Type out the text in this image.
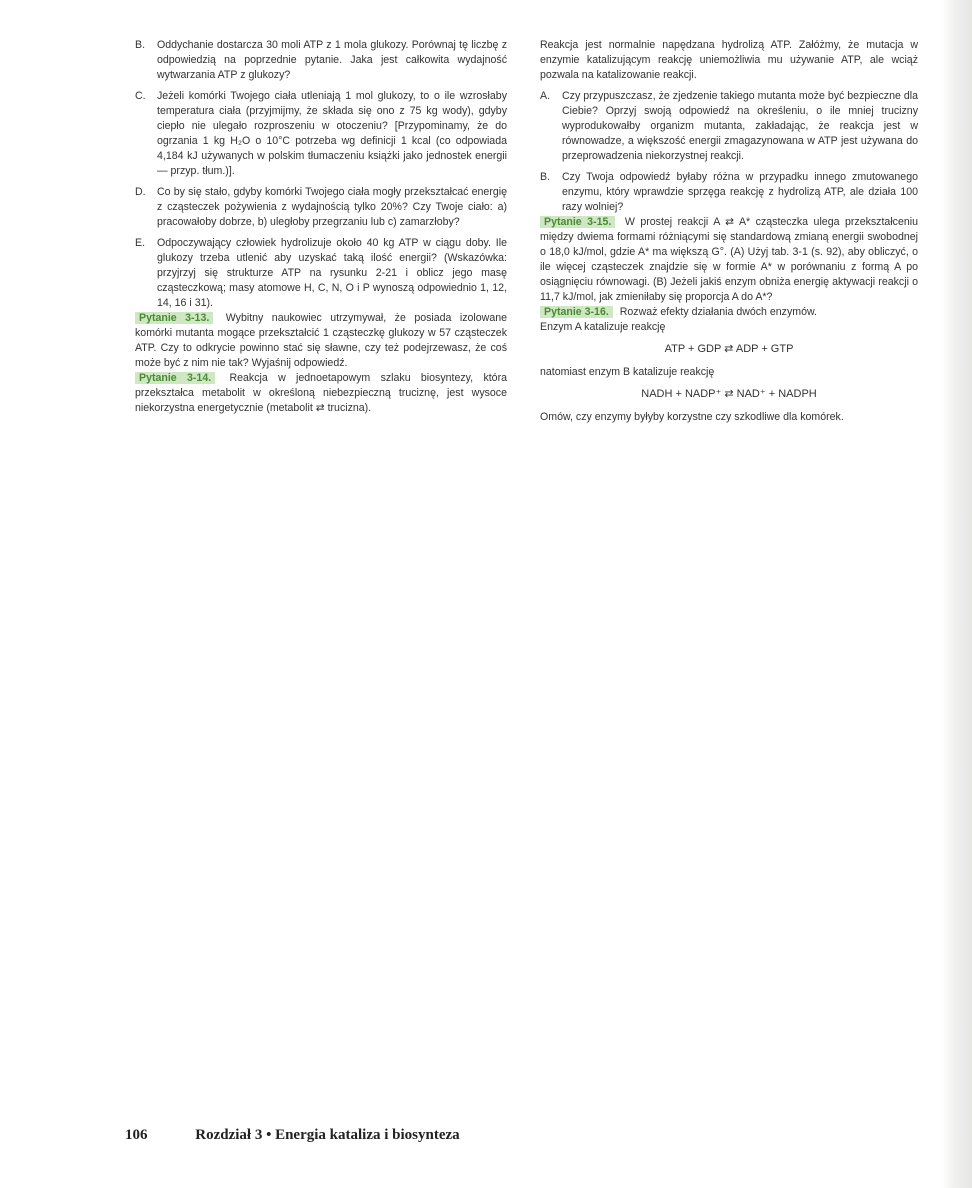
B.	Oddychanie dostarcza 30 moli ATP z 1 mola glukozy. Porównaj tę liczbę z odpowiedzią na poprzednie pytanie. Jaka jest całkowita wydajność wytwarzania ATP z glukozy?
C.	Jeżeli komórki Twojego ciała utleniają 1 mol glukozy, to o ile wzrosłaby temperatura ciała (przyjmijmy, że składa się ono z 75 kg wody), gdyby ciepło nie ulegało rozproszeniu w otoczeniu? [Przypominamy, że do ogrzania 1 kg H₂O o 10°C potrzeba wg definicji 1 kcal (co odpowiada 4,184 kJ używanych w polskim tłumaczeniu książki jako jednostek energii — przyp. tłum.)].
D.	Co by się stało, gdyby komórki Twojego ciała mogły przekształcać energię z cząsteczek pożywienia z wydajnością tylko 20%? Czy Twoje ciało: a) pracowałoby dobrze, b) uległoby przegrzaniu lub c) zamarzłoby?
E.	Odpoczywający człowiek hydrolizuje około 40 kg ATP w ciągu doby. Ile glukozy trzeba utlenić aby uzyskać taką ilość energii? (Wskazówka: przyjrzyj się strukturze ATP na rysunku 2-21 i oblicz jego masę cząsteczkową; masy atomowe H, C, N, O i P wynoszą odpowiednio 1, 12, 14, 16 i 31).

Pytanie 3-13. Wybitny naukowiec utrzymywał, że posiada izolowane komórki mutanta mogące przekształcić 1 cząsteczkę glukozy w 57 cząsteczek ATP. Czy to odkrycie powinno stać się sławne, czy też podejrzewasz, że coś może być z nim nie tak? Wyjaśnij odpowiedź.

Pytanie 3-14. Reakcja w jednoetapowym szlaku biosyntezy, która przekształca metabolit w określoną niebezpieczną truciznę, jest wysoce niekorzystna energetycznie (metabolit ⇄ trucizna).

Reakcja jest normalnie napędzana hydrolizą ATP. Załóżmy, że mutacja w enzymie katalizującym reakcję uniemożliwia mu używanie ATP, ale wciąż pozwala na katalizowanie reakcji.

A.	Czy przypuszczasz, że zjedzenie takiego mutanta może być bezpieczne dla Ciebie? Oprzyj swoją odpowiedź na określeniu, o ile mniej trucizny wyprodukowałby organizm mutanta, zakładając, że reakcja jest w równowadze, a większość energii zmagazynowana w ATP jest używana do przeprowadzenia niekorzystnej reakcji.
B.	Czy Twoja odpowiedź byłaby różna w przypadku innego zmutowanego enzymu, który wprawdzie sprzęga reakcję z hydrolizą ATP, ale działa 100 razy wolniej?

Pytanie 3-15. W prostej reakcji A ⇄ A* cząsteczka ulega przekształceniu między dwiema formami różniącymi się standardową zmianą energii swobodnej o 18,0 kJ/mol, gdzie A* ma większą G°. (A) Użyj tab. 3-1 (s. 92), aby obliczyć, o ile więcej cząsteczek znajdzie się w formie A* w porównaniu z formą A po osiągnięciu równowagi. (B) Jeżeli jakiś enzym obniża energię aktywacji reakcji o 11,7 kJ/mol, jak zmieniłaby się proporcja A do A*?

Pytanie 3-16. Rozważ efekty działania dwóch enzymów.

Enzym A katalizuje reakcję

ATP + GDP ⇄ ADP + GTP

natomiast enzym B katalizuje reakcję

NADH + NADP⁺ ⇄ NAD⁺ + NADPH

Omów, czy enzymy byłyby korzystne czy szkodliwe dla komórek.

106	Rozdział 3 • Energia kataliza i biosynteza
